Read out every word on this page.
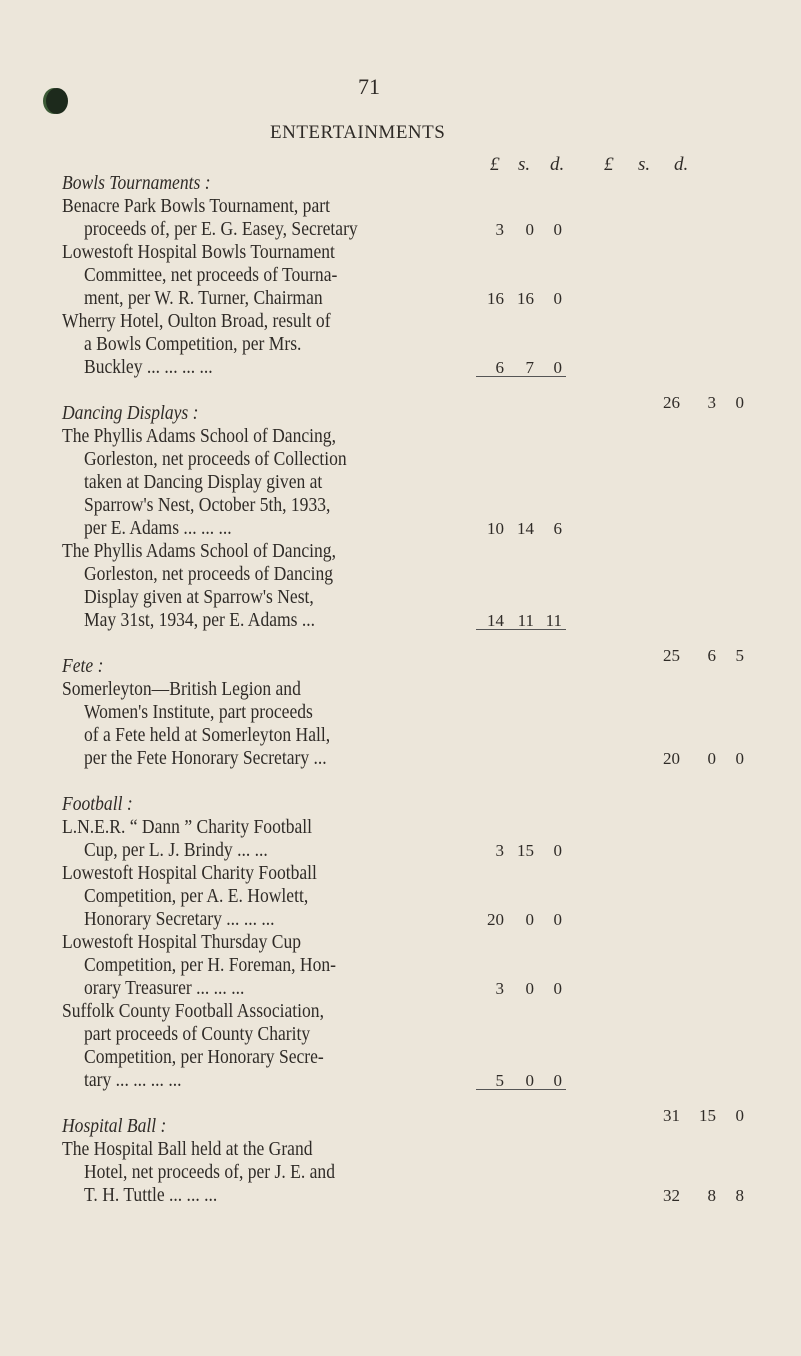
71
ENTERTAINMENTS
£ s. d. £ s. d.
Bowls Tournaments :
Benacre Park Bowls Tournament, part
proceeds of, per E. G. Easey, Secretary	3	0	0
Lowestoft Hospital Bowls Tournament
Committee, net proceeds of Tourna-
ment, per W. R. Turner, Chairman	16 16	0
Wherry Hotel, Oulton Broad, result of
a Bowls Competition, per Mrs.
Buckley ... ... ... ...	6	7	0
26	3	0
Dancing Displays :
The Phyllis Adams School of Dancing,
Gorleston, net proceeds of Collection
taken at Dancing Display given at
Sparrow's Nest, October 5th, 1933,
per E. Adams ... ... ...	10 14	6
The Phyllis Adams School of Dancing,
Gorleston, net proceeds of Dancing
Display given at Sparrow's Nest,
May 31st, 1934, per E. Adams ...	14 11 11
25	6	5
Fete :
Somerleyton—British Legion and
Women's Institute, part proceeds
of a Fete held at Somerleyton Hall,
per the Fete Honorary Secretary ...	20	0	0
Football :
L.N.E.R. “ Dann ” Charity Football
Cup, per L. J. Brindy ... ...	3 15	0
Lowestoft Hospital Charity Football
Competition, per A. E. Howlett,
Honorary Secretary ... ... ...	20	0	0
Lowestoft Hospital Thursday Cup
Competition, per H. Foreman, Hon-
orary Treasurer ... ... ...	3	0	0
Suffolk County Football Association,
part proceeds of County Charity
Competition, per Honorary Secre-
tary ... ... ... ...	5	0	0
31	15	0
Hospital Ball :
The Hospital Ball held at the Grand
Hotel, net proceeds of, per J. E. and
T. H. Tuttle ... ... ...	32	8	8
